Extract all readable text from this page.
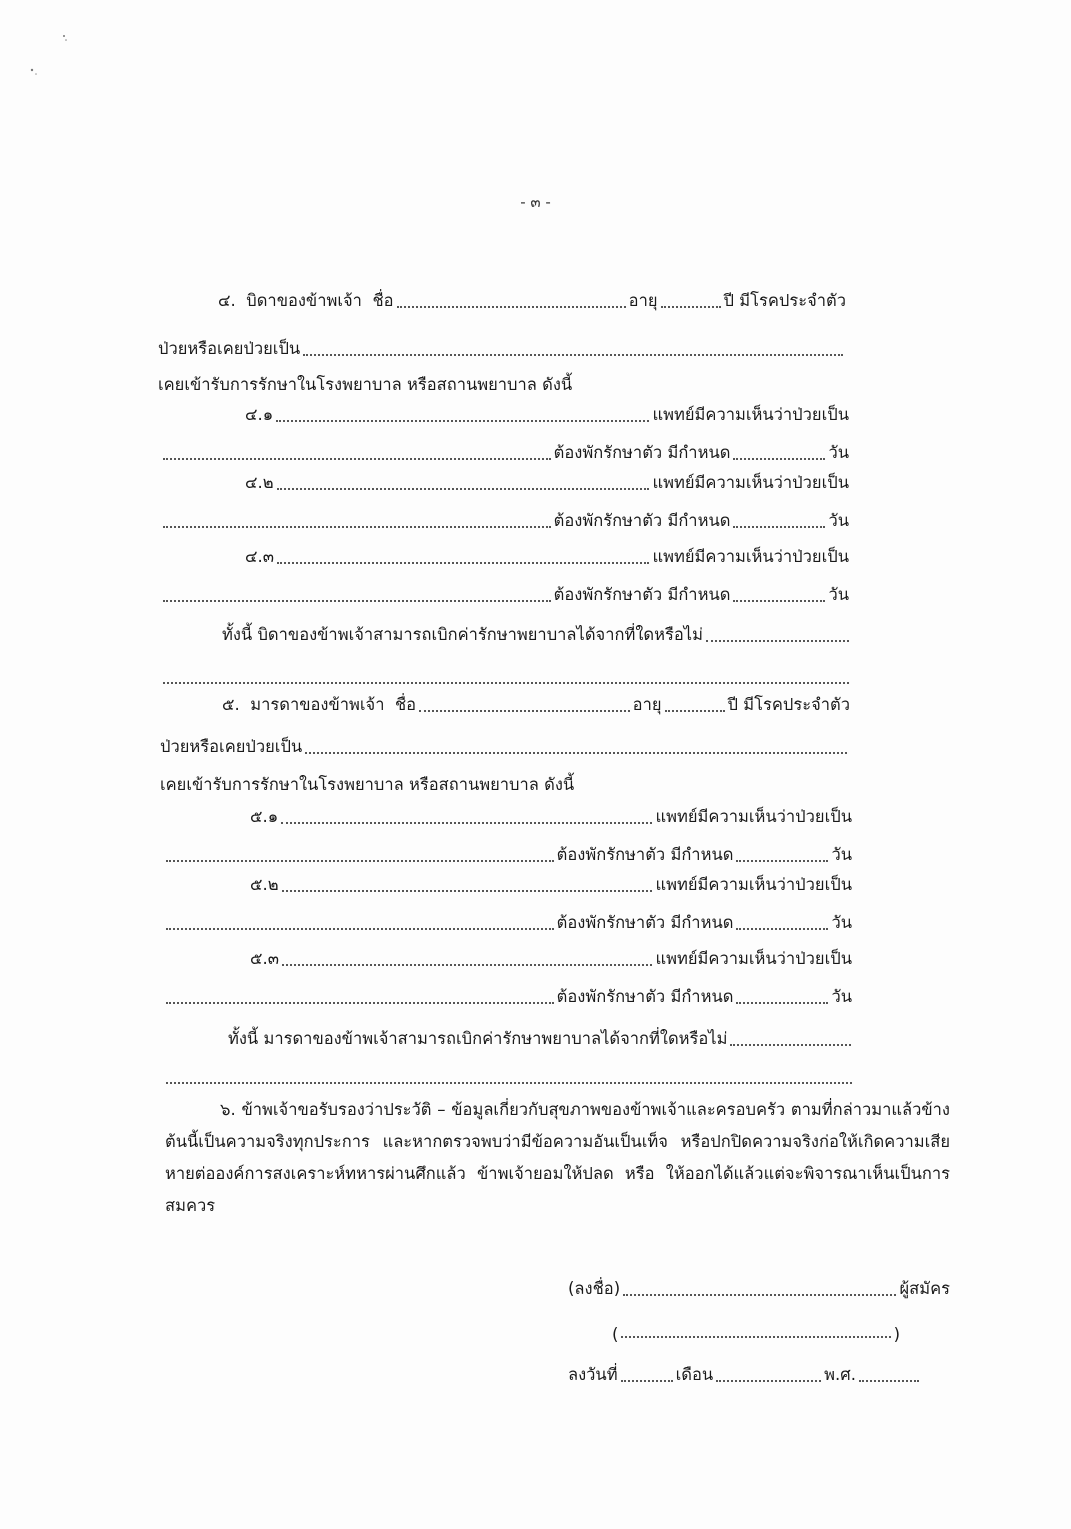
- ๓ -
๔.
บิดาของข้าพเจ้า
ชื่อ	อายุ	ปี
มีโรคประจำตัว
ป่วยหรือเคยป่วยเป็น
เคยเข้ารับการรักษาในโรงพยาบาล หรือสถานพยาบาล ดังนี้
๔.๑	แพทย์มีความเห็นว่าป่วยเป็น
ต้องพักรักษาตัว
มีกำหนด	วัน
๔.๒	แพทย์มีความเห็นว่าป่วยเป็น
ต้องพักรักษาตัว
มีกำหนด	วัน
๔.๓	แพทย์มีความเห็นว่าป่วยเป็น
ต้องพักรักษาตัว
มีกำหนด	วัน
ทั้งนี้ บิดาของข้าพเจ้าสามารถเบิกค่ารักษาพยาบาลได้จากที่ใดหรือไม่
๕.
มารดาของข้าพเจ้า
ชื่อ	อายุ	ปี
มีโรคประจำตัว
ป่วยหรือเคยป่วยเป็น
เคยเข้ารับการรักษาในโรงพยาบาล หรือสถานพยาบาล ดังนี้
๕.๑	แพทย์มีความเห็นว่าป่วยเป็น
ต้องพักรักษาตัว
มีกำหนด	วัน
๕.๒	แพทย์มีความเห็นว่าป่วยเป็น
ต้องพักรักษาตัว
มีกำหนด	วัน
๕.๓	แพทย์มีความเห็นว่าป่วยเป็น
ต้องพักรักษาตัว
มีกำหนด	วัน
ทั้งนี้ มารดาของข้าพเจ้าสามารถเบิกค่ารักษาพยาบาลได้จากที่ใดหรือไม่
๖. ข้าพเจ้าขอรับรองว่าประวัติ – ข้อมูลเกี่ยวกับสุขภาพของข้าพเจ้าและครอบครัว ตามที่กล่าวมาแล้วข้างต้นนี้เป็นความจริงทุกประการ และหากตรวจพบว่ามีข้อความอันเป็นเท็จ หรือปกปิดความจริงก่อให้เกิดความเสียหายต่อองค์การสงเคราะห์ทหารผ่านศึกแล้ว ข้าพเจ้ายอมให้ปลด หรือ ให้ออกได้แล้วแต่จะพิจารณาเห็นเป็นการสมควร
(ลงชื่อ)	ผู้สมัคร
(	)
ลงวันที่	เดือน	พ.ศ.
